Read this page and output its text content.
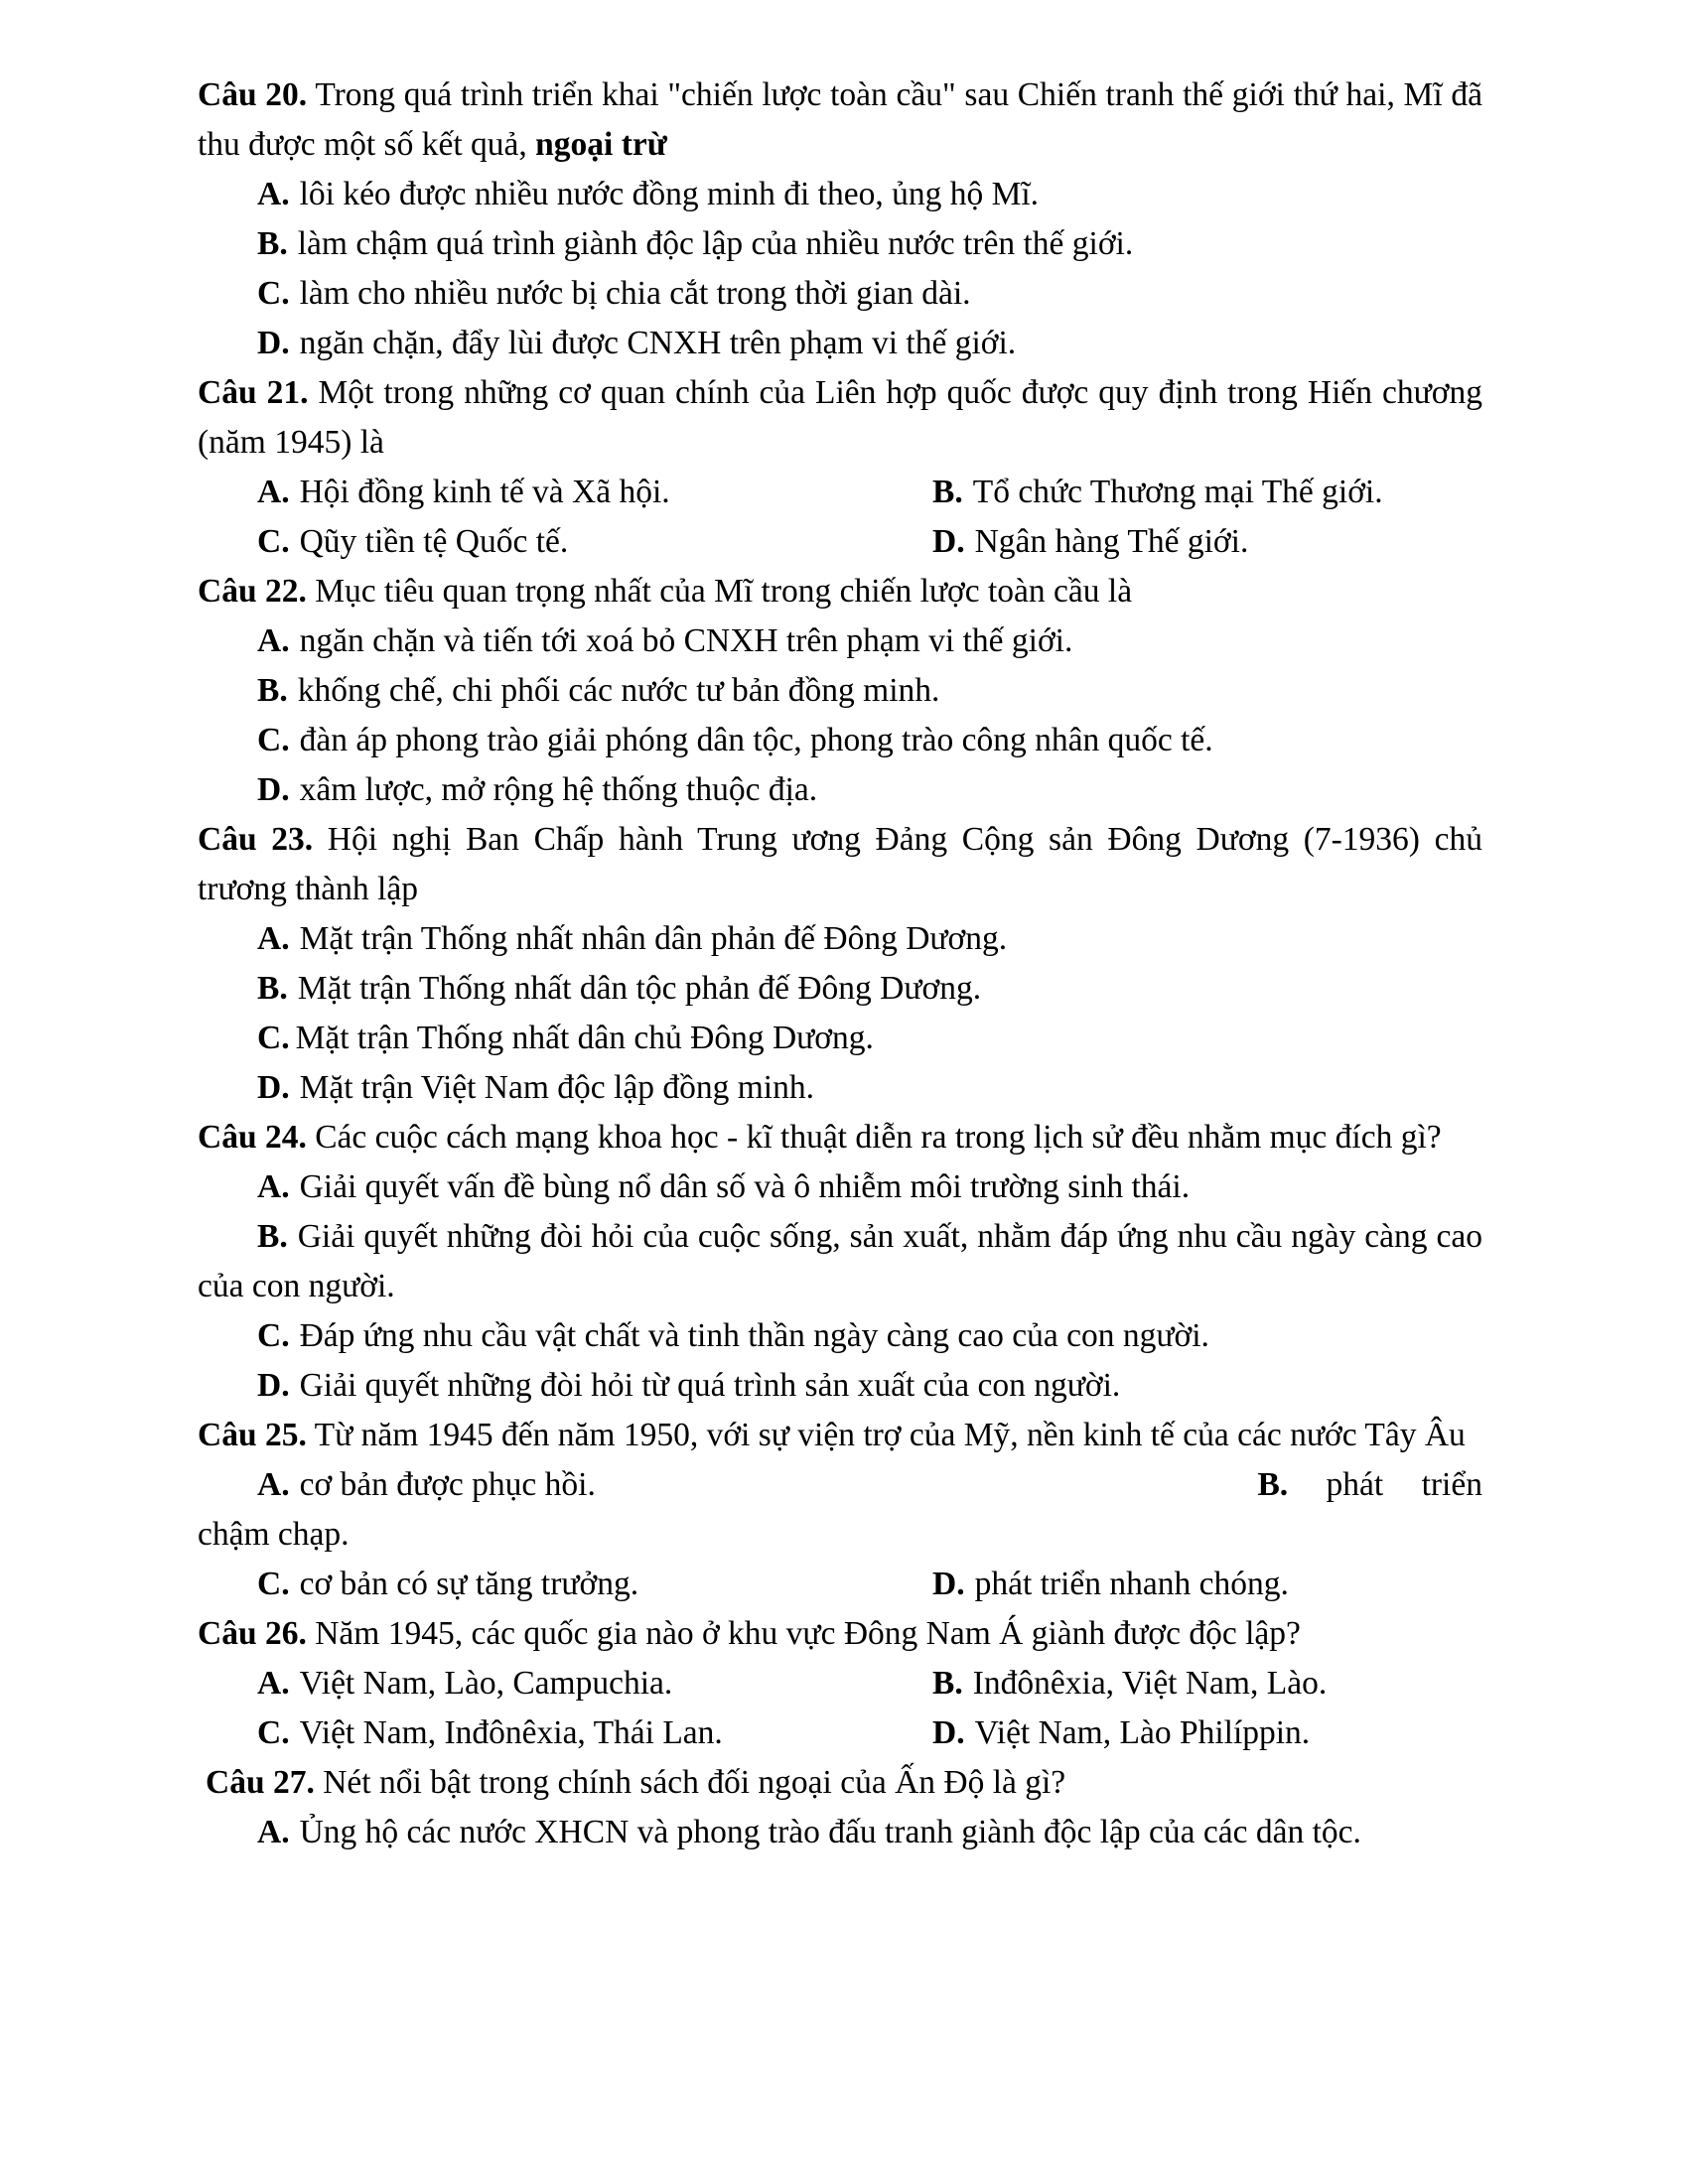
Câu 20. Trong quá trình triển khai "chiến lược toàn cầu" sau Chiến tranh thế giới thứ hai, Mĩ đã thu được một số kết quả, ngoại trừ

A. lôi kéo được nhiều nước đồng minh đi theo, ủng hộ Mĩ.

B. làm chậm quá trình giành độc lập của nhiều nước trên thế giới.

C. làm cho nhiều nước bị chia cắt trong thời gian dài.

D. ngăn chặn, đẩy lùi được CNXH trên phạm vi thế giới.

Câu 21. Một trong những cơ quan chính của Liên hợp quốc được quy định trong Hiến chương (năm 1945) là

A. Hội đồng kinh tế và Xã hội.	B. Tổ chức Thương mại Thế giới.

C. Qũy tiền tệ Quốc tế.	D. Ngân hàng Thế giới.

Câu 22. Mục tiêu quan trọng nhất của Mĩ trong chiến lược toàn cầu là

A. ngăn chặn và tiến tới xoá bỏ CNXH trên phạm vi thế giới.

B. khống chế, chi phối các nước tư bản đồng minh.

C. đàn áp phong trào giải phóng dân tộc, phong trào công nhân quốc tế.

D. xâm lược, mở rộng hệ thống thuộc địa.

Câu 23. Hội nghị Ban Chấp hành Trung ương Đảng Cộng sản Đông Dương (7-1936) chủ trương thành lập

A. Mặt trận Thống nhất nhân dân phản đế Đông Dương.

B. Mặt trận Thống nhất dân tộc phản đế Đông Dương.

C. Mặt trận Thống nhất dân chủ Đông Dương.

D. Mặt trận Việt Nam độc lập đồng minh.

Câu 24. Các cuộc cách mạng khoa học - kĩ thuật diễn ra trong lịch sử đều nhằm mục đích gì?

A. Giải quyết vấn đề bùng nổ dân số và ô nhiễm môi trường sinh thái.

B. Giải quyết những đòi hỏi của cuộc sống, sản xuất, nhằm đáp ứng nhu cầu ngày càng cao của con người.

C. Đáp ứng nhu cầu vật chất và tinh thần ngày càng cao của con người.

D. Giải quyết những đòi hỏi từ quá trình sản xuất của con người.

Câu 25. Từ năm 1945 đến năm 1950, với sự viện trợ của Mỹ, nền kinh tế của các nước Tây Âu

A. cơ bản được phục hồi.	B. phát triển

chậm chạp.

C. cơ bản có sự tăng trưởng.	D. phát triển nhanh chóng.

Câu 26. Năm 1945, các quốc gia nào ở khu vực Đông Nam Á giành được độc lập?

A. Việt Nam, Lào, Campuchia.	B. Inđônêxia, Việt Nam, Lào.

C. Việt Nam, Inđônêxia, Thái Lan.	D. Việt Nam, Lào Philíppin.

Câu 27. Nét nổi bật trong chính sách đối ngoại của Ấn Độ là gì?

A. Ủng hộ các nước XHCN và phong trào đấu tranh giành độc lập của các dân tộc.
